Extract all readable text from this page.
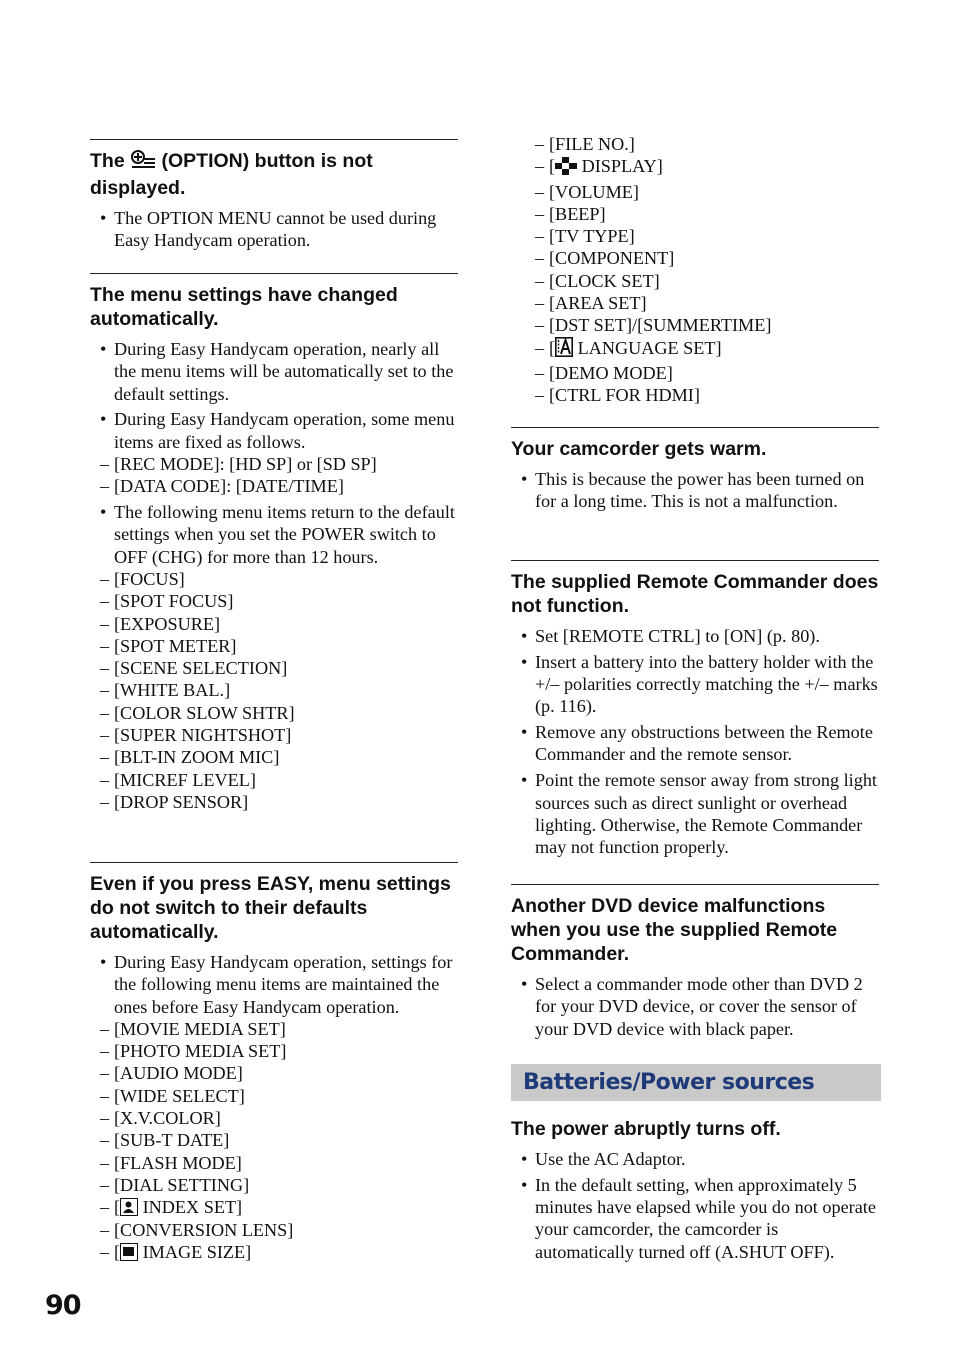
The (OPTION) button is not displayed.
• The OPTION MENU cannot be used during Easy Handycam operation.
The menu settings have changed automatically.
• During Easy Handycam operation, nearly all the menu items will be automatically set to the default settings.
• During Easy Handycam operation, some menu items are fixed as follows.
– [REC MODE]: [HD SP] or [SD SP]
– [DATA CODE]: [DATE/TIME]
• The following menu items return to the default settings when you set the POWER switch to OFF (CHG) for more than 12 hours.
– [FOCUS]
– [SPOT FOCUS]
– [EXPOSURE]
– [SPOT METER]
– [SCENE SELECTION]
– [WHITE BAL.]
– [COLOR SLOW SHTR]
– [SUPER NIGHTSHOT]
– [BLT-IN ZOOM MIC]
– [MICREF LEVEL]
– [DROP SENSOR]
Even if you press EASY, menu settings do not switch to their defaults automatically.
• During Easy Handycam operation, settings for the following menu items are maintained the ones before Easy Handycam operation.
– [MOVIE MEDIA SET]
– [PHOTO MEDIA SET]
– [AUDIO MODE]
– [WIDE SELECT]
– [X.V.COLOR]
– [SUB-T DATE]
– [FLASH MODE]
– [DIAL SETTING]
– [ INDEX SET]
– [CONVERSION LENS]
– [ IMAGE SIZE]
– [FILE NO.]
– [ DISPLAY]
– [VOLUME]
– [BEEP]
– [TV TYPE]
– [COMPONENT]
– [CLOCK SET]
– [AREA SET]
– [DST SET]/[SUMMERTIME]
– [ LANGUAGE SET]
– [DEMO MODE]
– [CTRL FOR HDMI]
Your camcorder gets warm.
• This is because the power has been turned on for a long time. This is not a malfunction.
The supplied Remote Commander does not function.
• Set [REMOTE CTRL] to [ON] (p. 80).
• Insert a battery into the battery holder with the +/– polarities correctly matching the +/– marks (p. 116).
• Remove any obstructions between the Remote Commander and the remote sensor.
• Point the remote sensor away from strong light sources such as direct sunlight or overhead lighting. Otherwise, the Remote Commander may not function properly.
Another DVD device malfunctions when you use the supplied Remote Commander.
• Select a commander mode other than DVD 2 for your DVD device, or cover the sensor of your DVD device with black paper.
Batteries/Power sources
The power abruptly turns off.
• Use the AC Adaptor.
• In the default setting, when approximately 5 minutes have elapsed while you do not operate your camcorder, the camcorder is automatically turned off (A.SHUT OFF).
90
